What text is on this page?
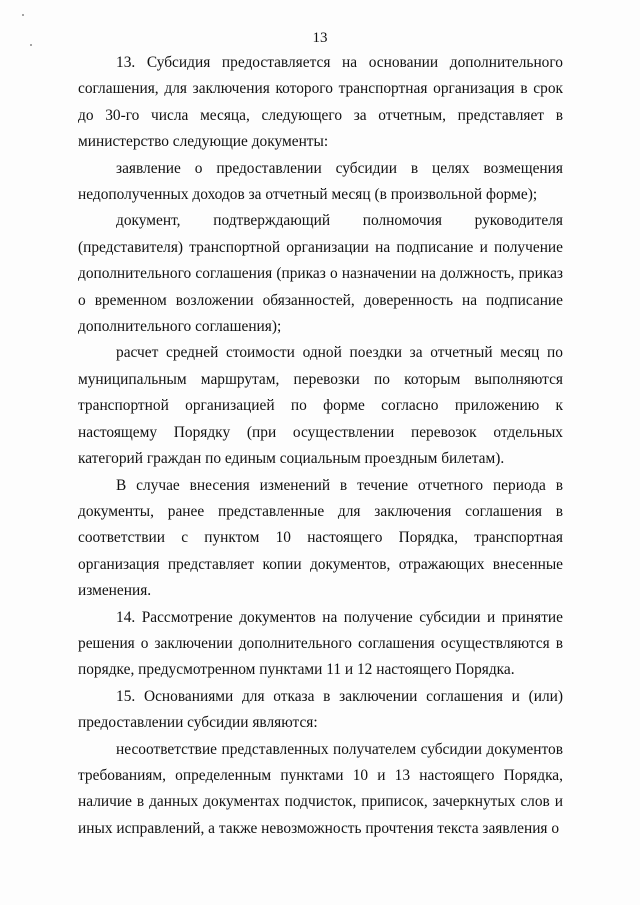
13

13. Субсидия предоставляется на основании дополнительного соглашения, для заключения которого транспортная организация в срок до 30-го числа месяца, следующего за отчетным, представляет в министерство следующие документы:

заявление о предоставлении субсидии в целях возмещения недополученных доходов за отчетный месяц (в произвольной форме);

документ, подтверждающий полномочия руководителя (представителя) транспортной организации на подписание и получение дополнительного соглашения (приказ о назначении на должность, приказ о временном возложении обязанностей, доверенность на подписание дополнительного соглашения);

расчет средней стоимости одной поездки за отчетный месяц по муниципальным маршрутам, перевозки по которым выполняются транспортной организацией по форме согласно приложению к настоящему Порядку (при осуществлении перевозок отдельных категорий граждан по единым социальным проездным билетам).

В случае внесения изменений в течение отчетного периода в документы, ранее представленные для заключения соглашения в соответствии с пунктом 10 настоящего Порядка, транспортная организация представляет копии документов, отражающих внесенные изменения.

14. Рассмотрение документов на получение субсидии и принятие решения о заключении дополнительного соглашения осуществляются в порядке, предусмотренном пунктами 11 и 12 настоящего Порядка.

15. Основаниями для отказа в заключении соглашения и (или) предоставлении субсидии являются:

несоответствие представленных получателем субсидии документов требованиям, определенным пунктами 10 и 13 настоящего Порядка, наличие в данных документах подчисток, приписок, зачеркнутых слов и иных исправлений, а также невозможность прочтения текста заявления о
